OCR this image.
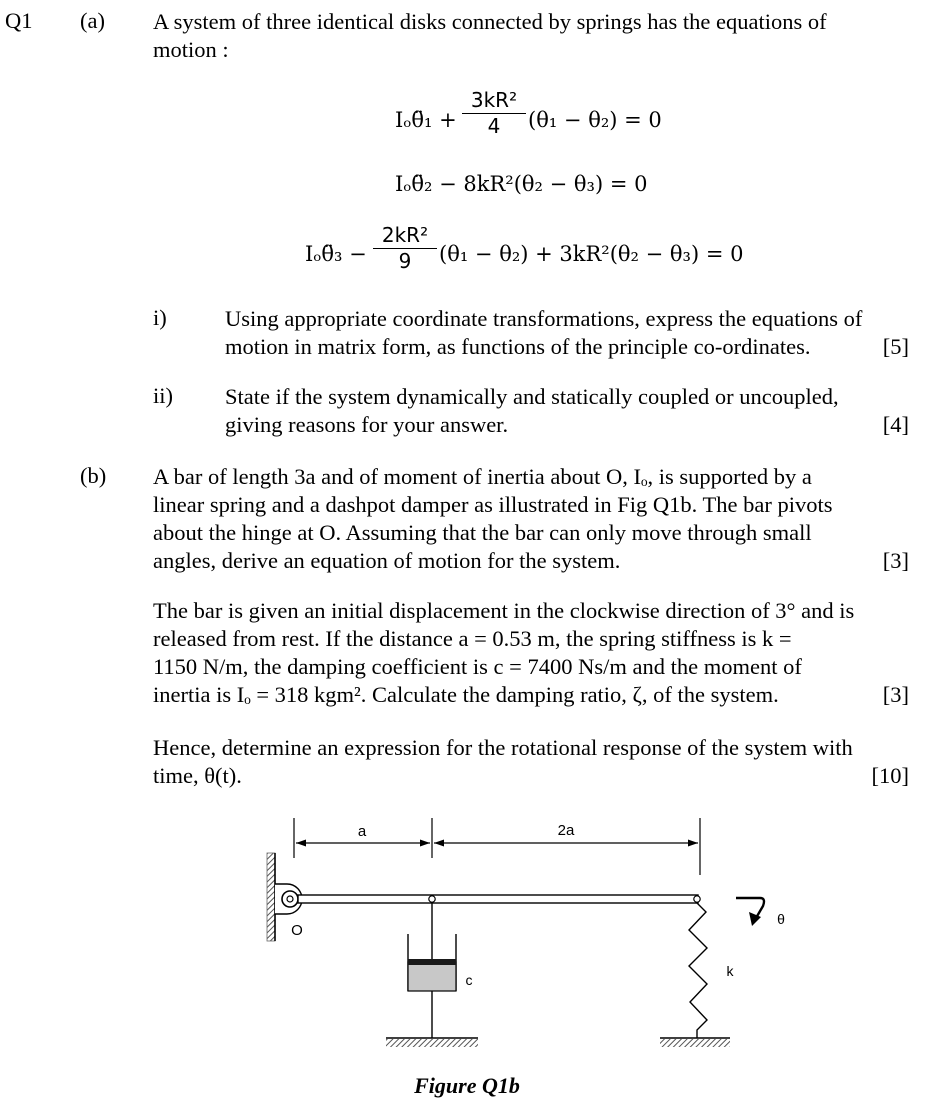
Q1 (a) A system of three identical disks connected by springs has the equations of
motion :
Iₒθ̈₁ + $\frac{\text{3kR²}}{4} (\theta_1 - \theta_2) = 0$
Iₒθ̈₂ − 8kR²(θ₂ − θ₃) = 0
Iₒθ̈₃ − $\frac{\text{2kR²}}{9} (\theta_1 - \theta_2) + 3kR^2(\theta_2 - \theta_3) = 0$
i)	Using appropriate coordinate transformations, express the equations of
motion in matrix form, as functions of the principle co-ordinates.	[5]
ii) State if the system dynamically and statically coupled or uncoupled,
giving reasons for your answer.	[4]
(b) A bar of length 3a and of moment of inertia about O, Iₒ, is supported by a
linear spring and a dashpot damper as illustrated in Fig Q1b. The bar pivots
about the hinge at O. Assuming that the bar can only move through small
angles, derive an equation of motion for the system.	[3]
The bar is given an initial displacement in the clockwise direction of 3° and is
released from rest. If the distance a = 0.53 m, the spring stiffness is k =
1150 N/m, the damping coefficient is c = 7400 Ns/m and the moment of
inertia is Iₒ = 318 kgm². Calculate the damping ratio, ζ, of the system.	[3]
Hence, determine an expression for the rotational response of the system with
time, θ(t).	[10]
a	2a
O
c
k
θ
Figure Q1b
